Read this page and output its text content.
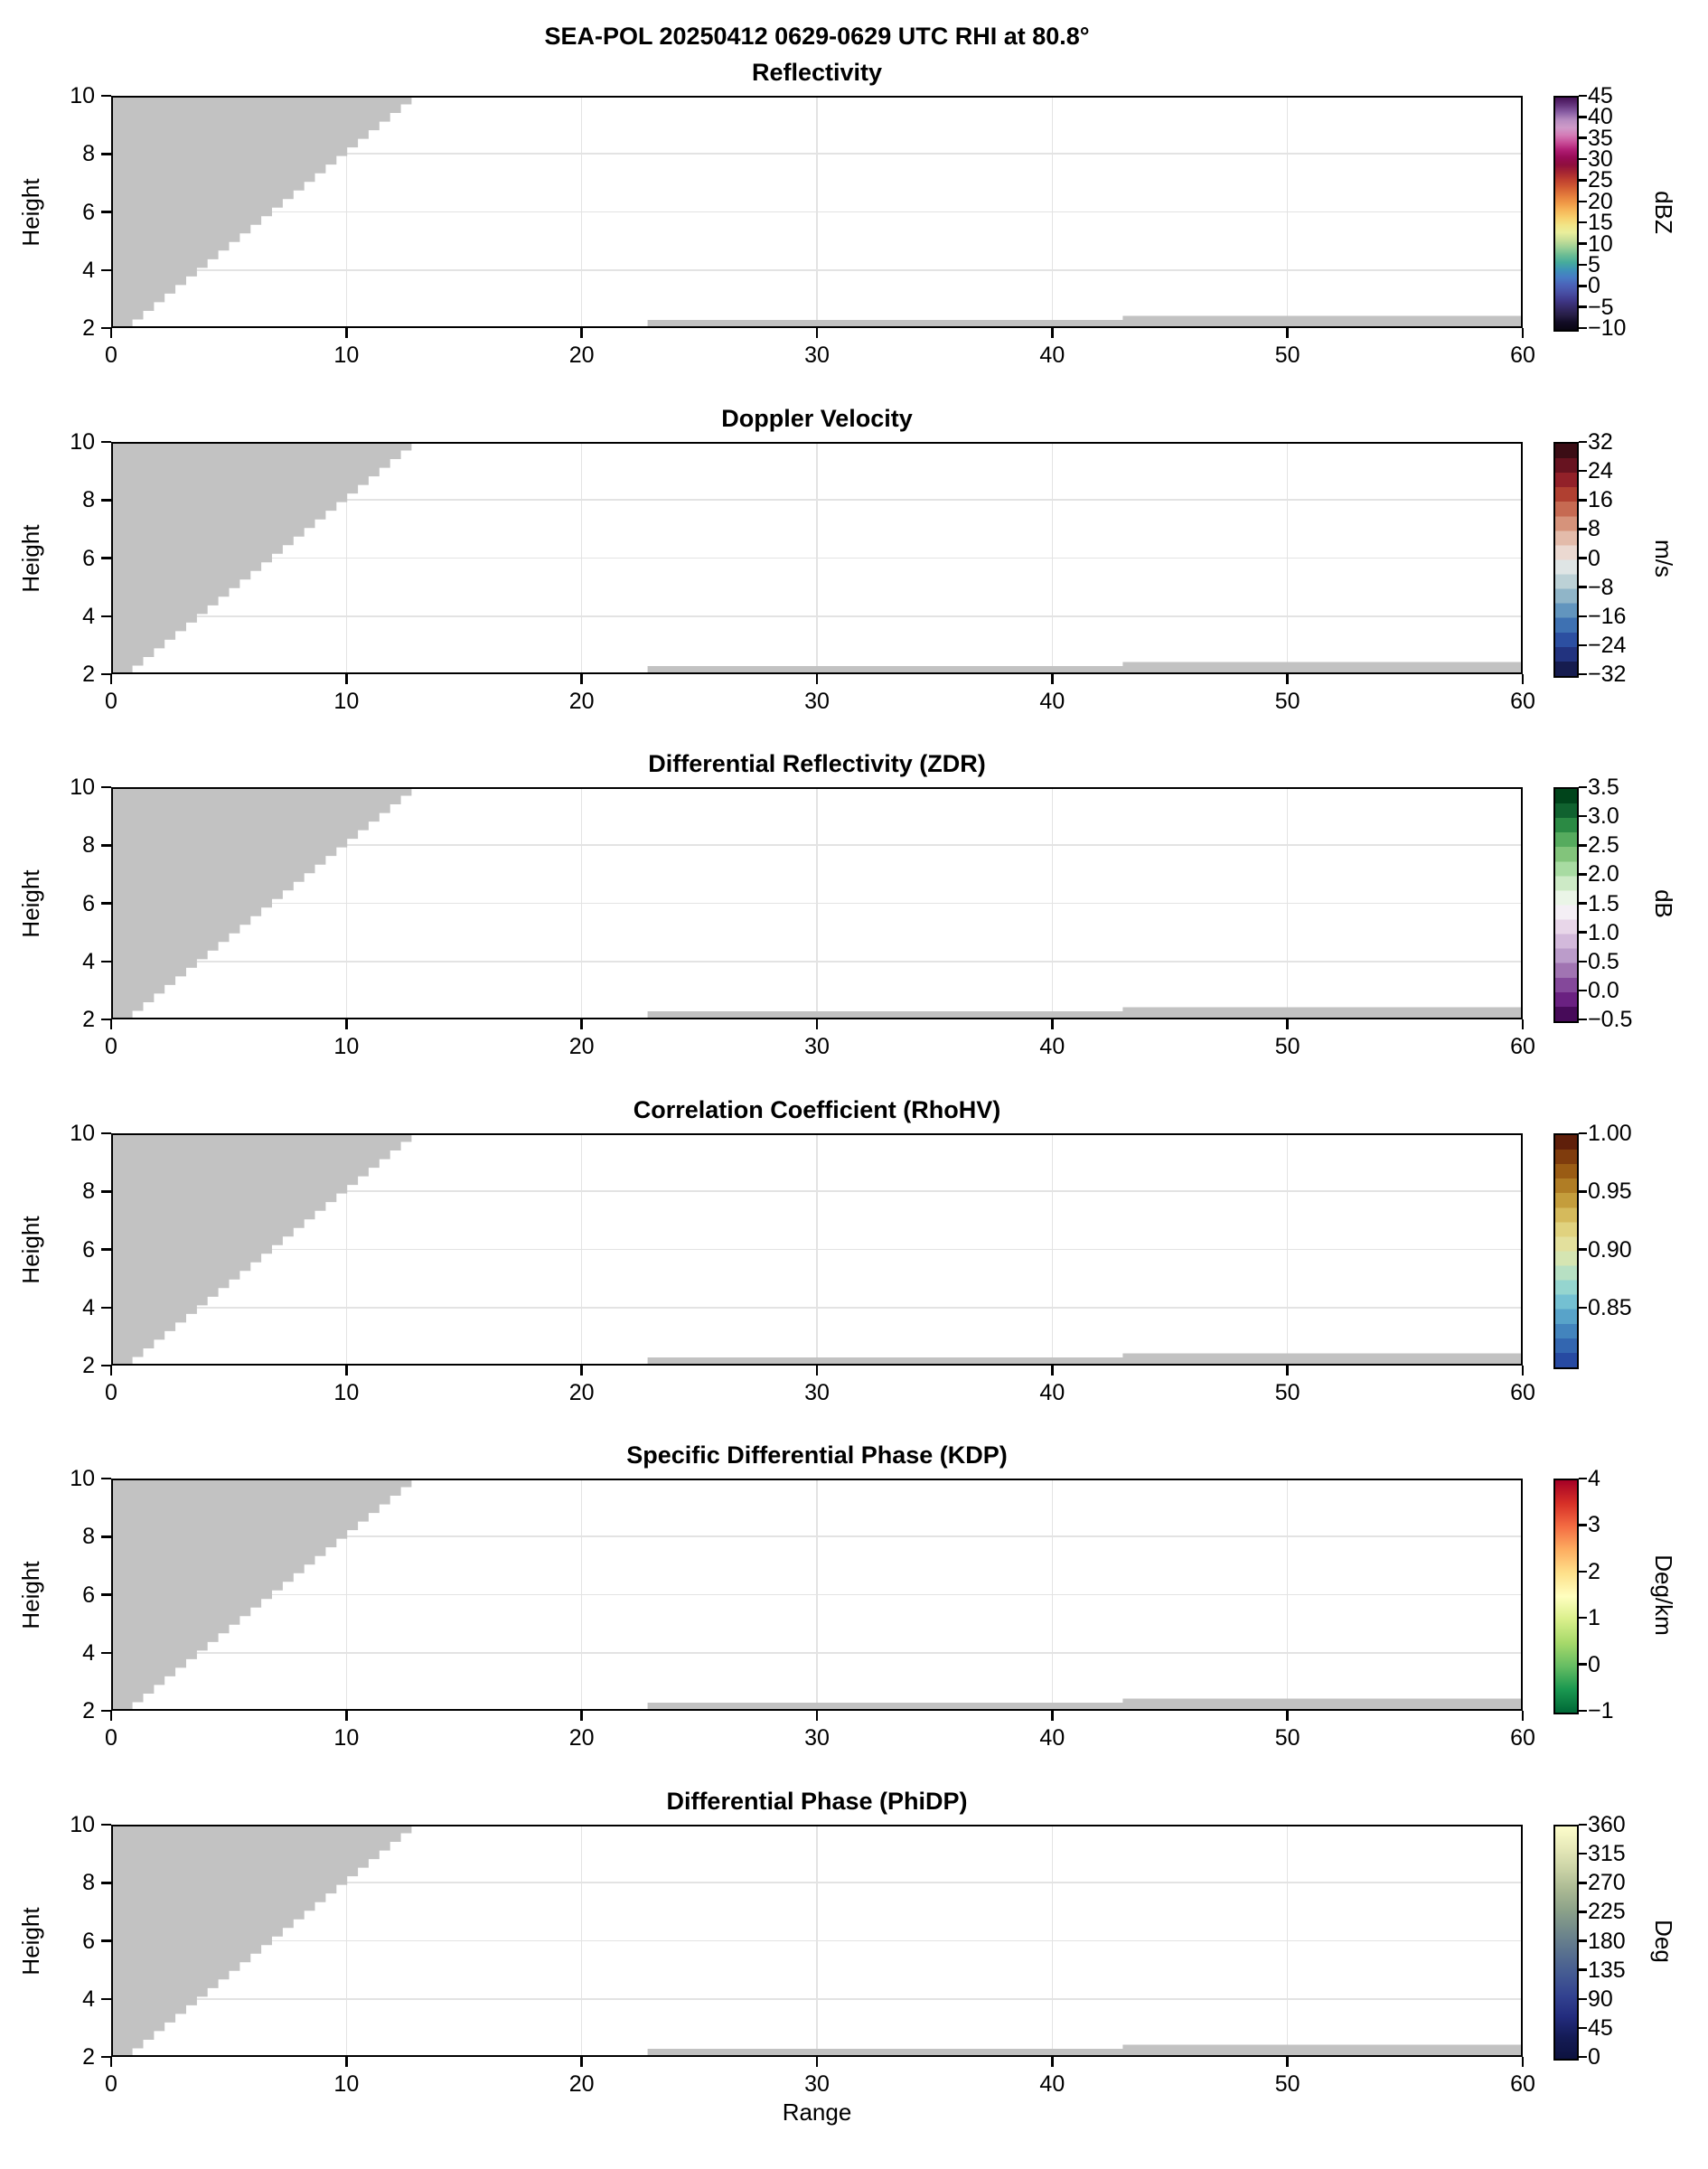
SEA-POL 20250412 0629-0629 UTC RHI at 80.8°
Reflectivity
0	10	20	30	40	50	60
10
8
6
4
2
Height
45
40
35
30
25
20
15
10
5
0
−5
−10
dBZ
Doppler Velocity
0	10	20	30	40	50	60
10
8
6
4
2
Height
32
24
16
8
0
−8
−16
−24
−32
m/s
Differential Reflectivity (ZDR)
0	10	20	30	40	50	60
10
8
6
4
2
Height
3.5
3.0
2.5
2.0
1.5
1.0
0.5
0.0
−0.5
dB
Correlation Coefficient (RhoHV)
0	10	20	30	40	50	60
10
8
6
4
2
Height
1.00
0.95
0.90
0.85
Specific Differential Phase (KDP)
0	10	20	30	40	50	60
10
8
6
4
2
Height
4
3
2
1
0
−1
Deg/km
Differential Phase (PhiDP)
0	10	20	30	40	50	60
10
8
6
4
2
Height
360
315
270
225
180
135
90
45
0
Deg
Range
